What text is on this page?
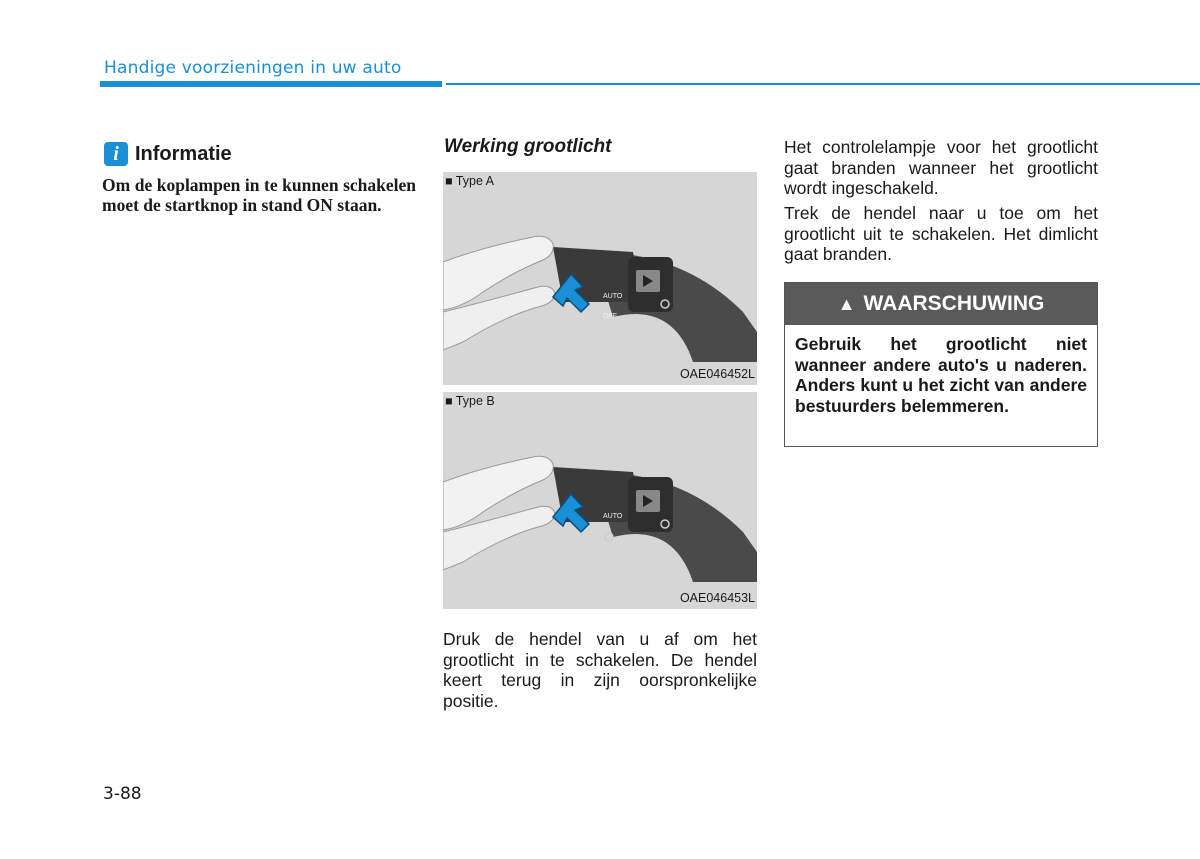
Handige voorzieningen in uw auto
i Informatie
Om de koplampen in te kunnen schakelen moet de startknop in stand ON staan.
Werking grootlicht
■ Type A
AUTO
OFF
OAE046452L
■ Type B
AUTO
OAE046453L
Druk de hendel van u af om het grootlicht in te schakelen. De hendel keert terug in zijn oorspronkelijke positie.
Het controlelampje voor het grootlicht gaat branden wanneer het grootlicht wordt ingeschakeld.
Trek de hendel naar u toe om het grootlicht uit te schakelen. Het dimlicht gaat branden.
▲ WAARSCHUWING
Gebruik het grootlicht niet wanneer andere auto's u naderen. Anders kunt u het zicht van andere bestuurders belemmeren.
3-88
